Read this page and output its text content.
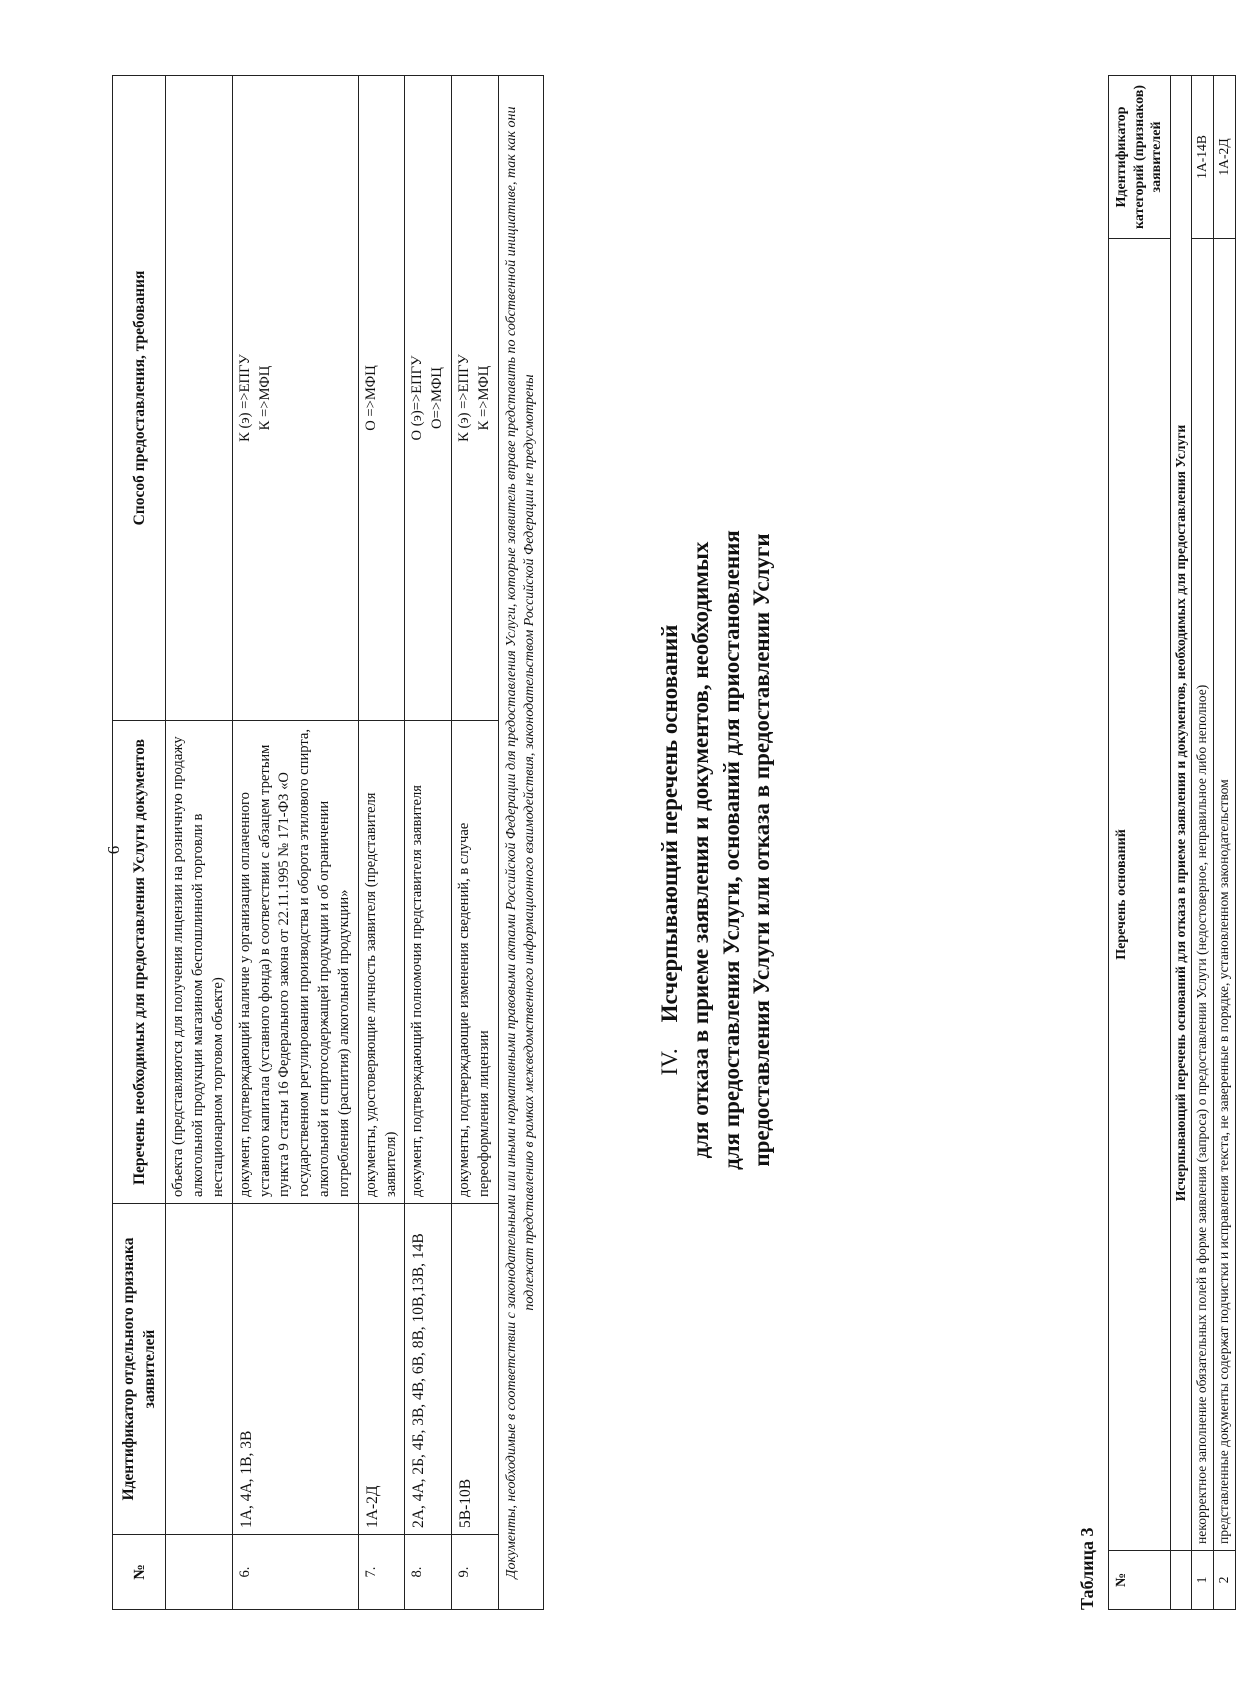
6
№	Идентификатор отдельного признака заявителей	Перечень необходимых для предоставления Услуги документов	Способ предоставления, требования
		объекта (представляются для получения лицензии на розничную продажу алкогольной продукции магазином беспошлинной торговли в нестационарном торговом объекте)	
6.	1А, 4А, 1В, 3В	документ, подтверждающий наличие у организации оплаченного уставного капитала (уставного фонда) в соответствии с абзацем третьим пункта 9 статьи 16 Федерального закона от 22.11.1995 № 171-ФЗ «О государственном регулировании производства и оборота этилового спирта, алкогольной и спиртосодержащей продукции и об ограничении потребления (распития) алкогольной продукции»	К (э) =>ЕПГУ К =>МФЦ

7.	1А-2Д	документы, удостоверяющие личность заявителя (представителя заявителя)	О =>МФЦ

8.	2А, 4А, 2Б, 4Б, 3В, 4В, 6В, 8В, 10В,13В, 14В	документ, подтверждающий полномочия представителя заявителя	О (э)=>ЕПГУ О=>МФЦ

9.	5В-10В	документы, подтверждающие изменения сведений, в случае переоформления лицензии	К (э) =>ЕПГУ К =>МФЦ

Документы, необходимые в соответствии с законодательными или иными нормативными правовыми актами Российской Федерации для предоставления Услуги, которые заявитель вправе представить по собственной инициативе, так как они подлежат представлению в рамках межведомственного информационного взаимодействия, законодательством Российской Федерации не предусмотрены				IV.Исчерпывающий перечень оснований для отказа в приеме заявления и документов, необходимых для предоставления Услуги, оснований для приостановления предоставления Услуги или отказа в предоставлении Услуги
Таблица 3 №	Перечень оснований	Идентификатор категорий (признаков) заявителей
	Исчерпывающий перечень оснований для отказа в приеме заявления и документов, необходимых для предоставления Услуги	
1	некорректное заполнение обязательных полей в форме заявления (запроса) о предоставлении Услуги (недостоверное, неправильное либо неполное)	1А-14В
2	представленные документы содержат подчистки и исправления текста, не заверенные в порядке, установленном законодательством	1А-2Д
